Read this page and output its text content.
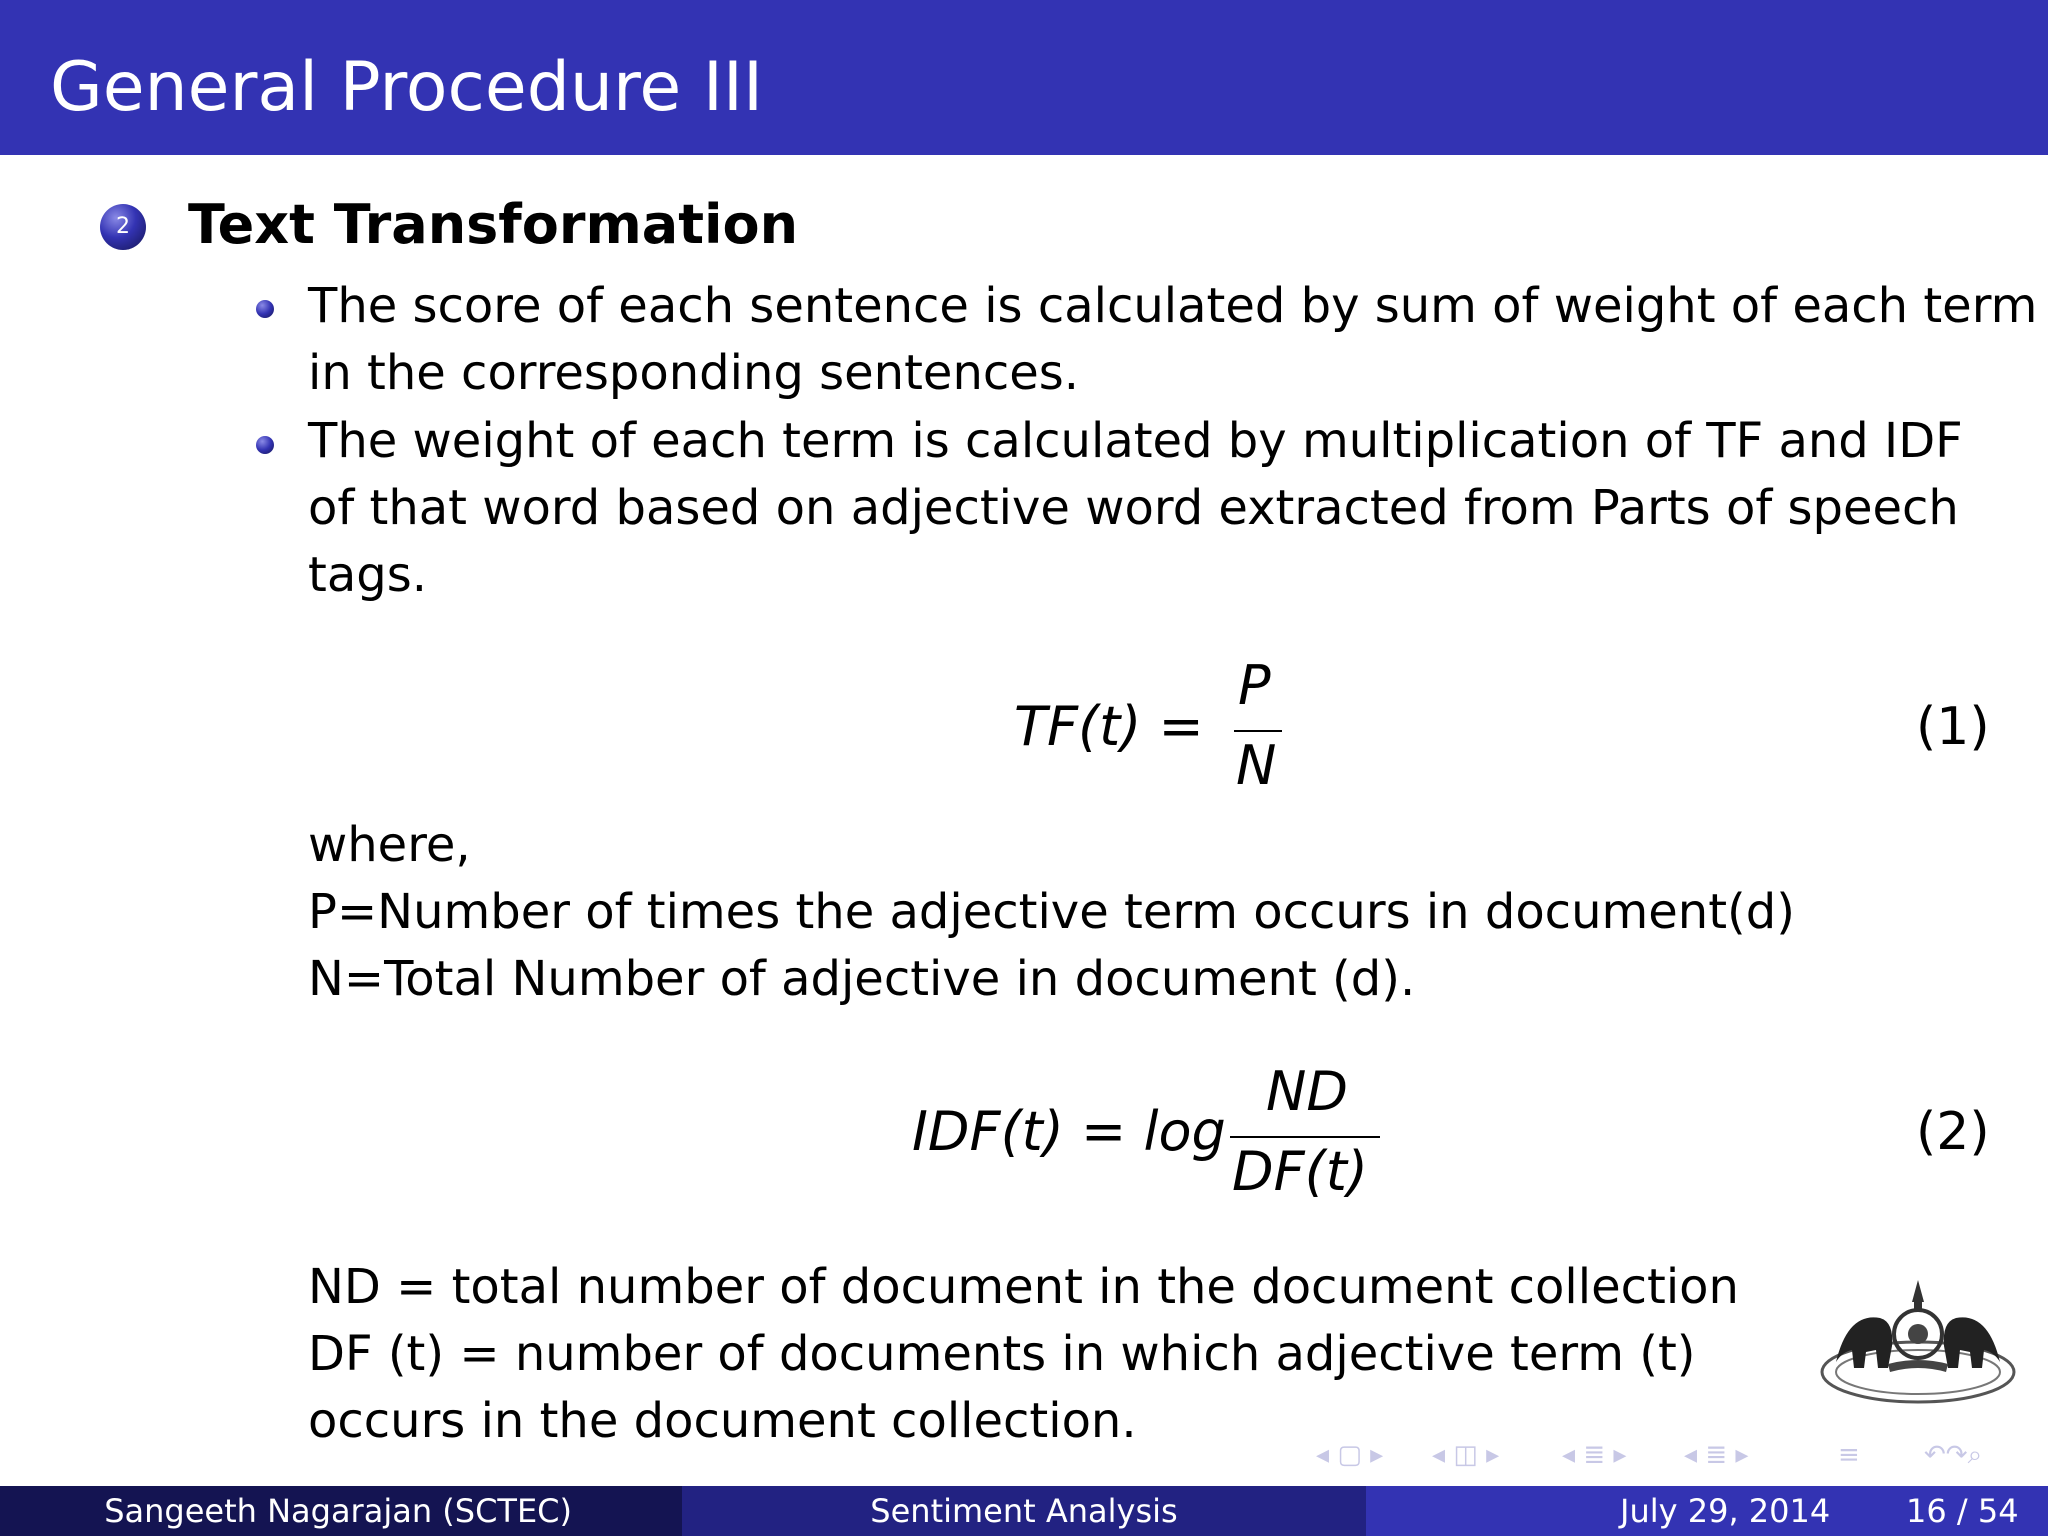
General Procedure III
2 Text Transformation
The score of each sentence is calculated by sum of weight of each term
in the corresponding sentences.
The weight of each term is calculated by multiplication of TF and IDF
of that word based on adjective word extracted from Parts of speech
tags.
TF(t) =
P
N
(1)
where,
P=Number of times the adjective term occurs in document(d)
N=Total Number of adjective in document (d).
IDF(t) = log
ND
DF(t)
(2)
ND = total number of document in the document collection
DF (t) = number of documents in which adjective term (t)
occurs in the document collection.
◂ ▢ ▸ ◂ ◫ ▸ ◂ ≣ ▸ ◂ ≣ ▸	≡ ↶↷⌕
Sangeeth Nagarajan (SCTEC)	Sentiment Analysis	July 29, 2014 16 / 54
